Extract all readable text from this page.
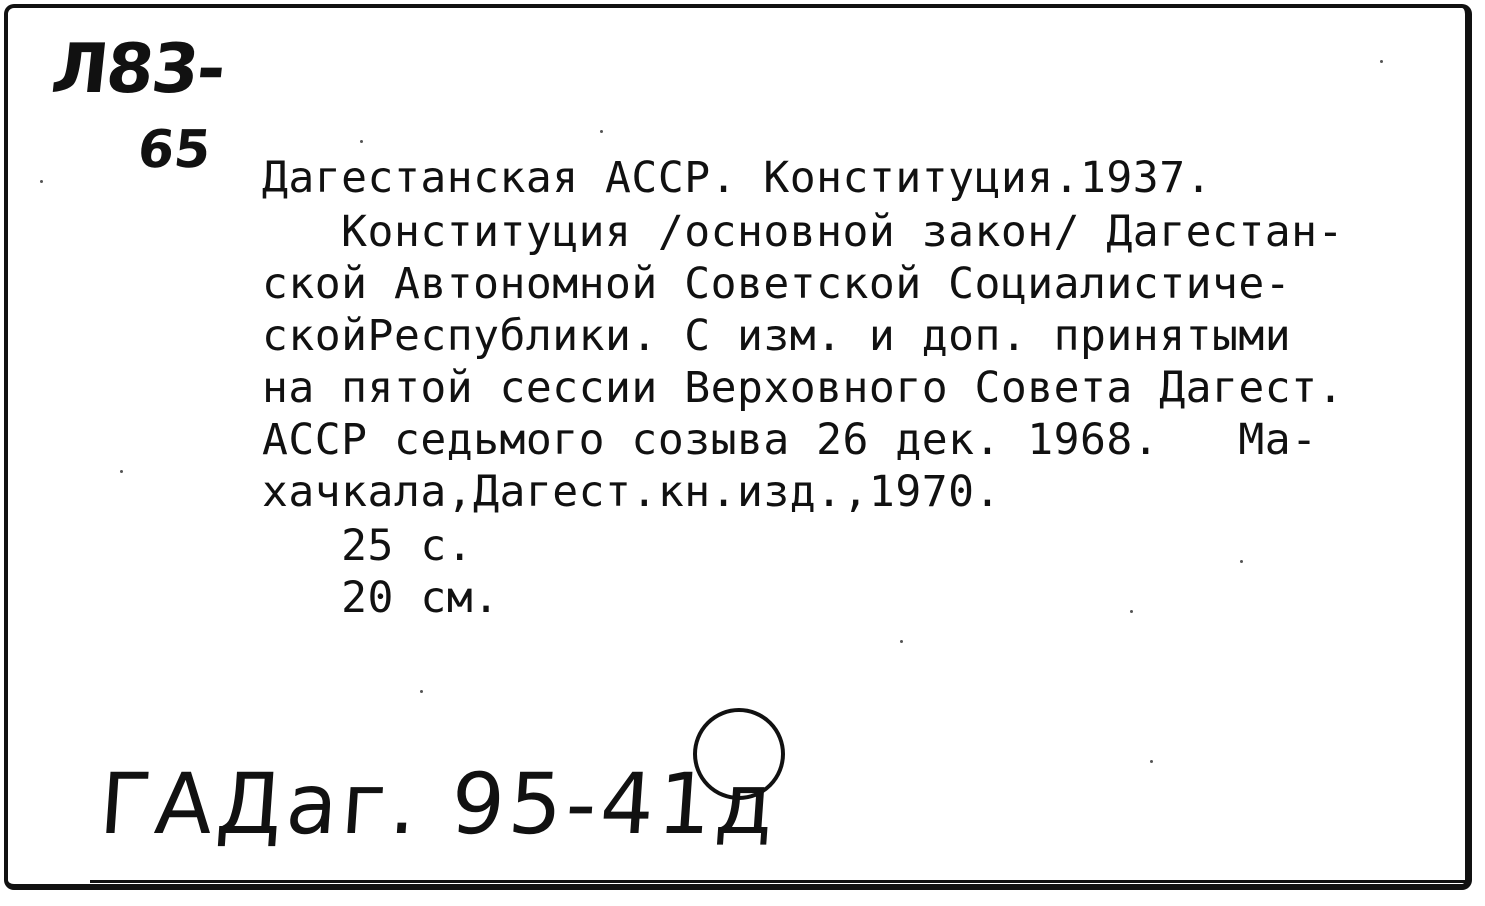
Л83-
65 Дагестанская АССР. Конституция.1937.
Конституция /основной закон/ Дагестан-
ской Автономной Советской Социалистиче-
скойРеспублики. С изм. и доп. принятыми
на пятой сессии Верховного Совета Дагест.
АССР седьмого созыва 26 дек. 1968.   Ма-
хачкала,Дагест.кн.изд.,1970.
25 с.
20 см.
ГАДаг. 95-41д
